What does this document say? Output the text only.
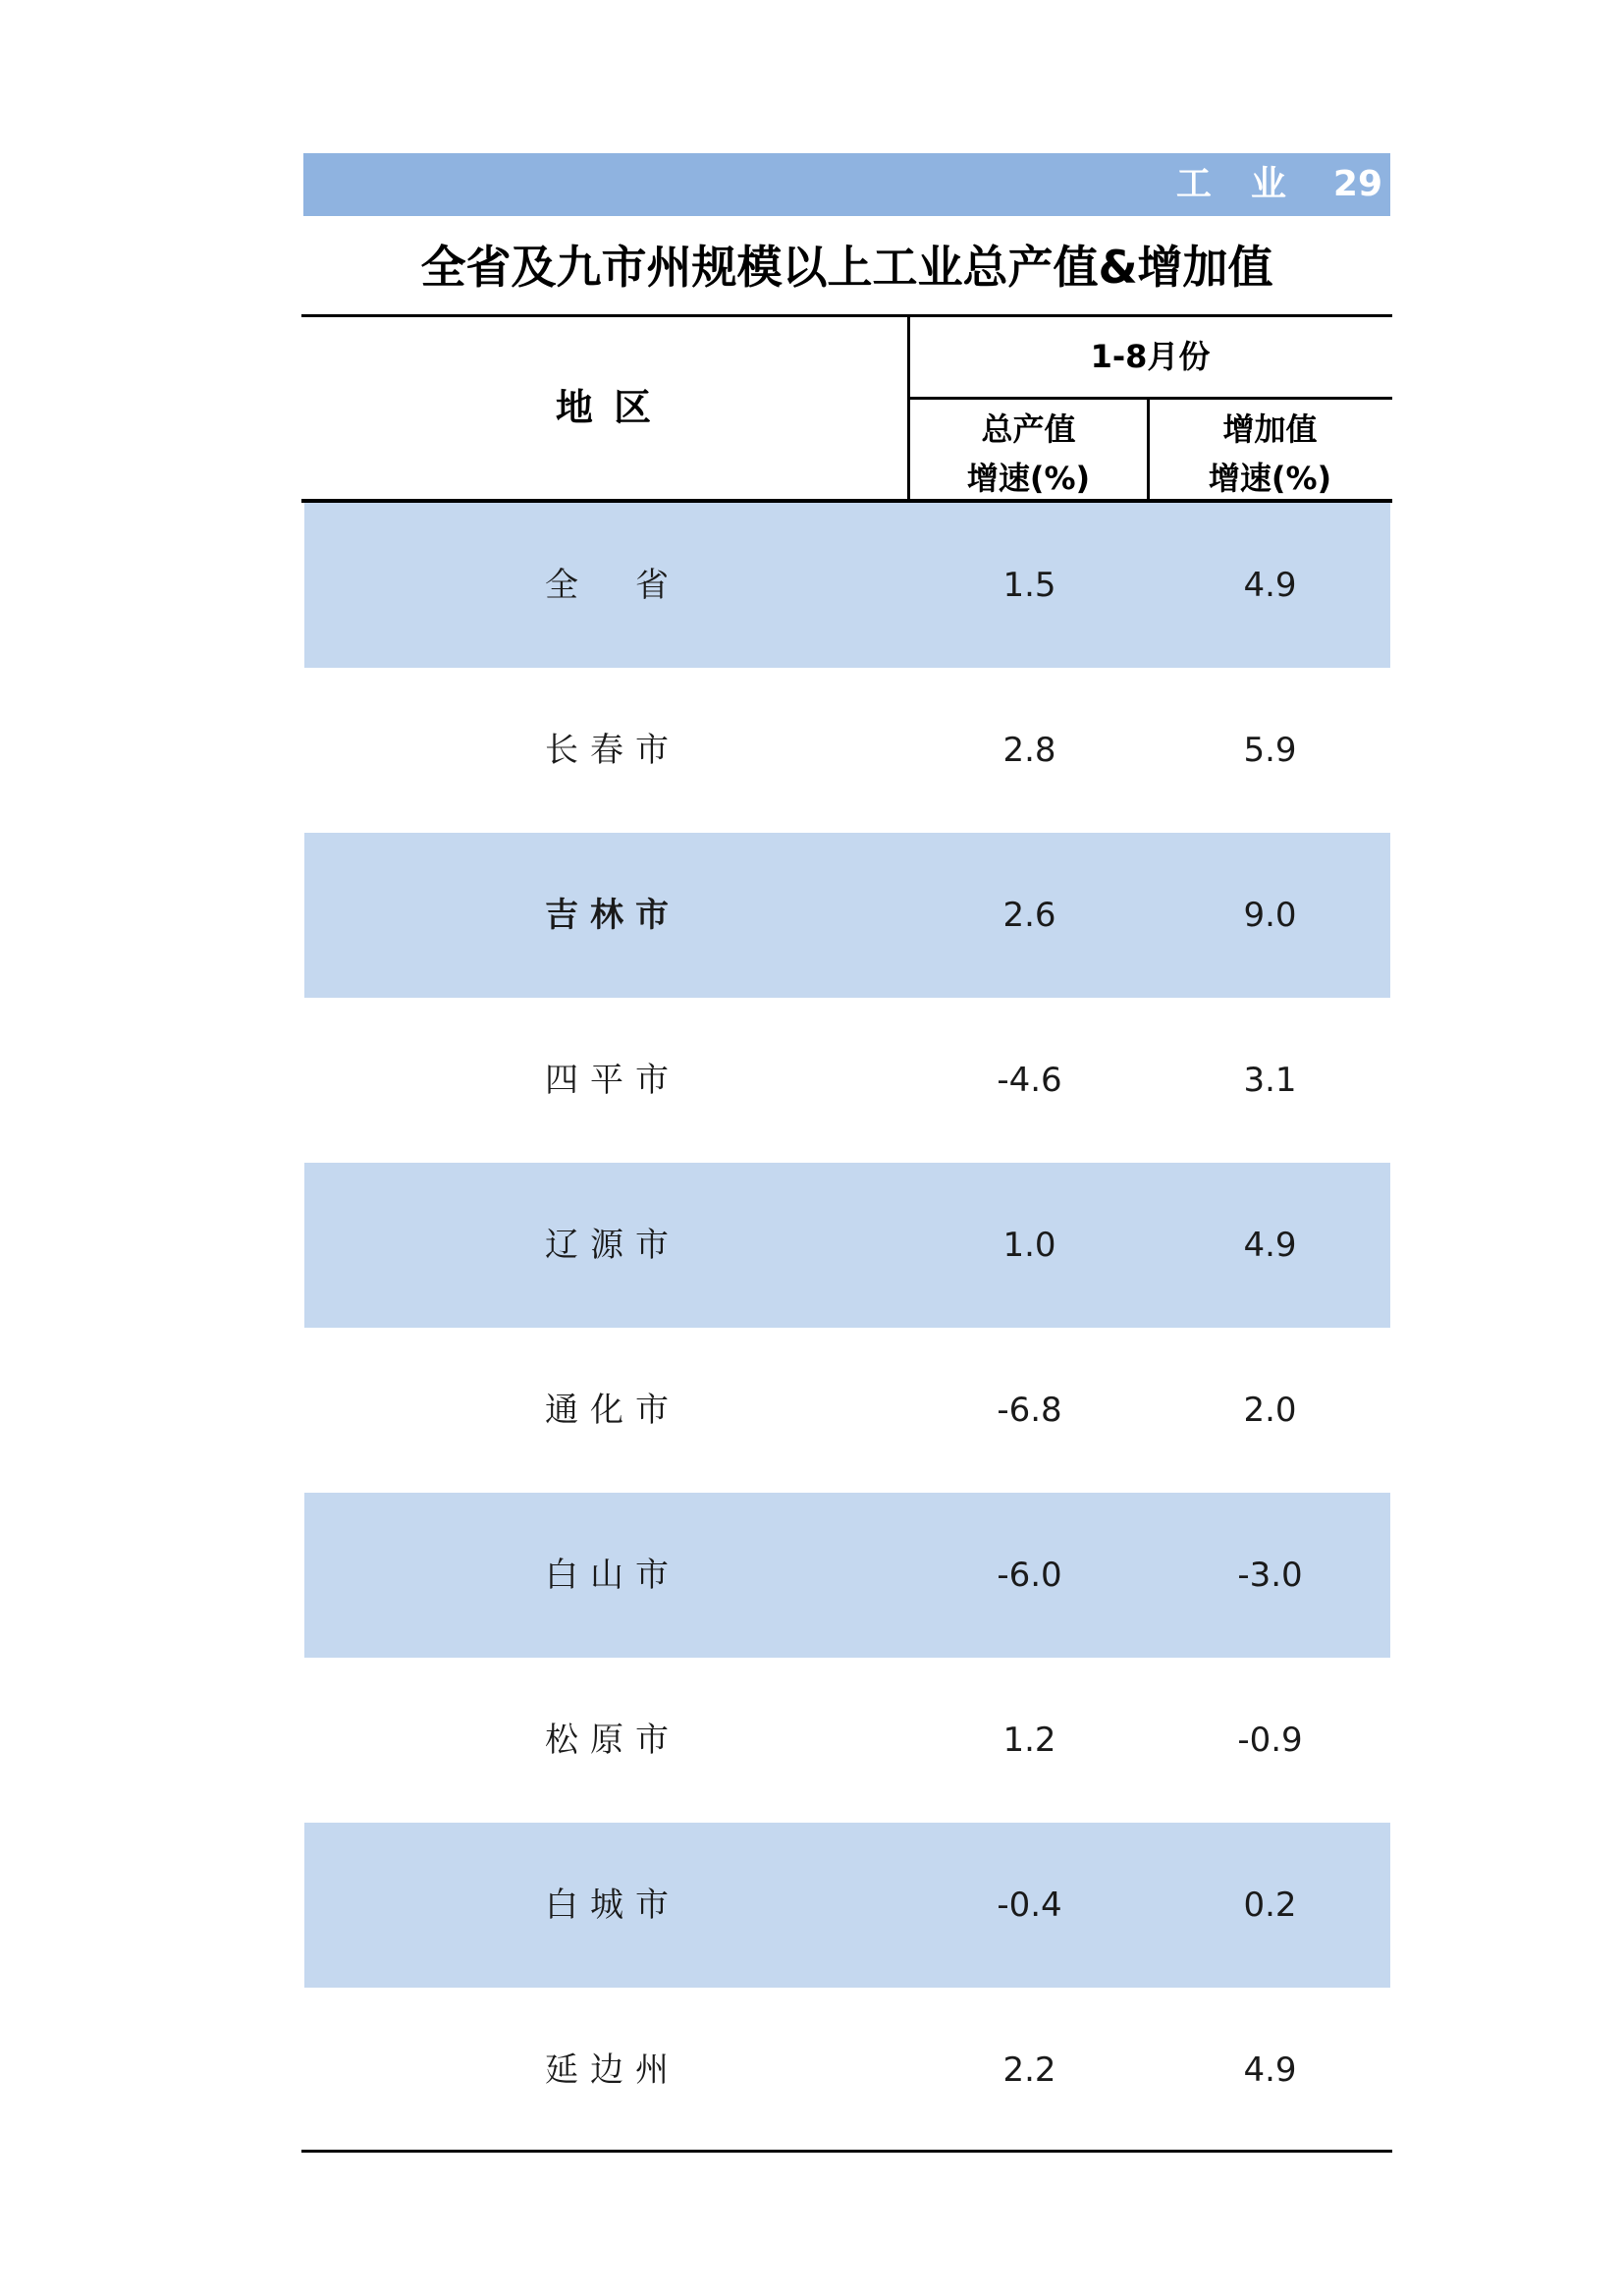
工业 29
全省及九市州规模以上工业总产值&增加值
地 区
1-8月份
总产值
增速(%)
增加值
增速(%)
全　省	1.5	4.9
长春市	2.8	5.9
吉林市	2.6	9.0
四平市	-4.6	3.1
辽源市	1.0	4.9
通化市	-6.8	2.0
白山市	-6.0	-3.0
松原市	1.2	-0.9
白城市	-0.4	0.2
延边州	2.2	4.9
